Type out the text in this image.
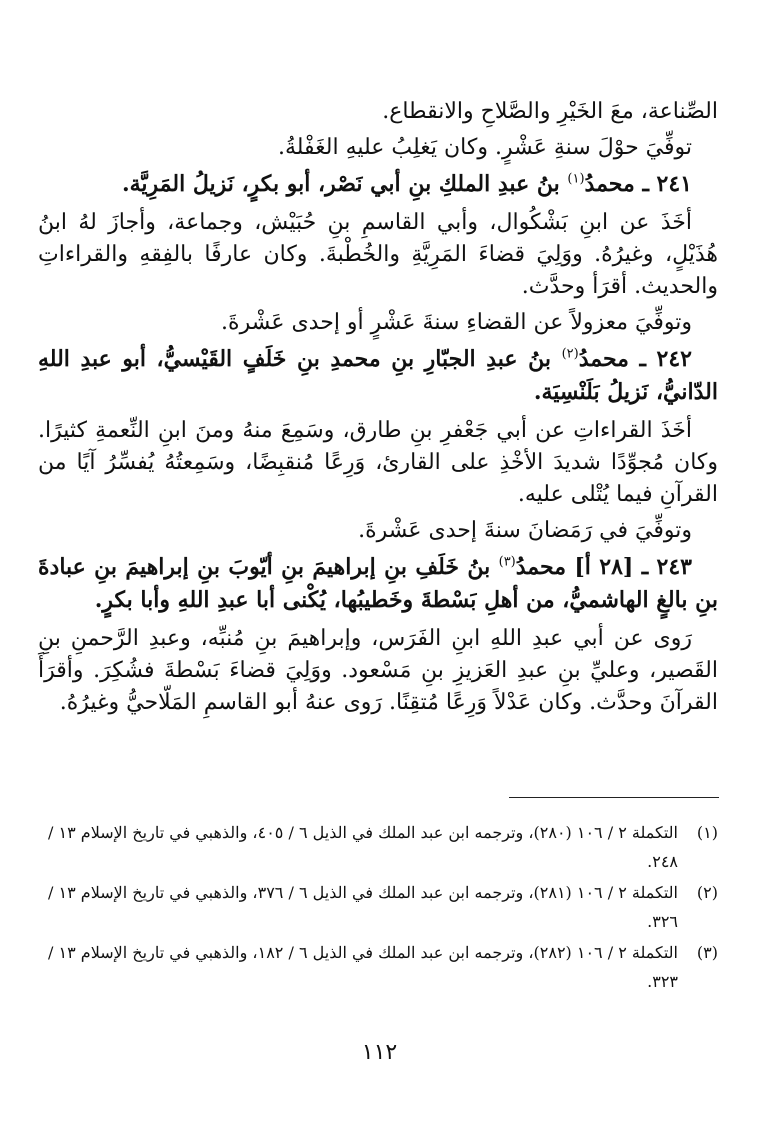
الصِّناعة، معَ الخَيْرِ والصَّلاحِ والانقطاع.

توفِّيَ حوْلَ سنةِ عَشْرٍ. وكان يَغلِبُ عليهِ الغَفْلةُ.

٢٤١ ـ محمدُ$^{(١)}$ بنُ عبدِ الملكِ بنِ أبي نَصْر، أبو بكرٍ، نَزيلُ المَرِيَّة.

أخَذَ عن ابنِ بَشْكُوال، وأبي القاسمِ بنِ حُبَيْش، وجماعة، وأجازَ لهُ ابنُ هُذَيْلٍ، وغيرُهُ. ووَلِيَ قضاءَ المَرِيَّةِ والخُطْبةَ. وكان عارفًا بالفِقهِ والقراءاتِ والحديث. أقرَأ وحدَّث.

وتوفِّيَ معزولاً عن القضاءِ سنةَ عَشْرٍ أو إحدى عَشْرةَ.

٢٤٢ ـ محمدُ$^{(٢)}$ بنُ عبدِ الجبّارِ بنِ محمدِ بنِ خَلَفٍ القَيْسيُّ، أبو عبدِ اللهِ الدّانيُّ، نَزيلُ بَلَنْسِيَة.

أخَذَ القراءاتِ عن أبي جَعْفرِ بنِ طارق، وسَمِعَ منهُ ومنَ ابنِ النِّعمةِ كثيرًا. وكان مُجوِّدًا شديدَ الأخْذِ على القارئ، وَرِعًا مُنقبِضًا، وسَمِعتُهُ يُفسِّرُ آيًا من القرآنِ فيما يُتْلى عليه.

وتوفِّيَ في رَمَضانَ سنةَ إحدى عَشْرةَ.

٢٤٣ ـ [٢٨ أ] محمدُ$^{(٣)}$ بنُ خَلَفِ بنِ إبراهيمَ بنِ أيّوبَ بنِ إبراهيمَ بنِ عبادةَ بنِ بالغٍ الهاشميُّ، من أهلِ بَسْطةَ وخَطيبُها، يُكْنى أبا عبدِ اللهِ وأبا بكرٍ.

رَوى عن أبي عبدِ اللهِ ابنِ الفَرَس، وإبراهيمَ بنِ مُنبِّه، وعبدِ الرَّحمنِ بنِ القَصير، وعليِّ بنِ عبدِ العَزيزِ بنِ مَسْعود. ووَلِيَ قضاءَ بَسْطةَ فشُكِرَ. وأقرَأَ القرآنَ وحدَّث. وكان عَدْلاً وَرِعًا مُتقِنًا. رَوى عنهُ أبو القاسمِ المَلّاحيُّ وغيرُهُ.

(١)
التكملة ٢ / ١٠٦ (٢٨٠)، وترجمه ابن عبد الملك في الذيل ٦ / ٤٠٥، والذهبي في تاريخ الإسلام ١٣ / ٢٤٨.
(٢)
التكملة ٢ / ١٠٦ (٢٨١)، وترجمه ابن عبد الملك في الذيل ٦ / ٣٧٦، والذهبي في تاريخ الإسلام ١٣ / ٣٢٦.
(٣)
التكملة ٢ / ١٠٦ (٢٨٢)، وترجمه ابن عبد الملك في الذيل ٦ / ١٨٢، والذهبي في تاريخ الإسلام ١٣ / ٣٢٣.
١١٢
